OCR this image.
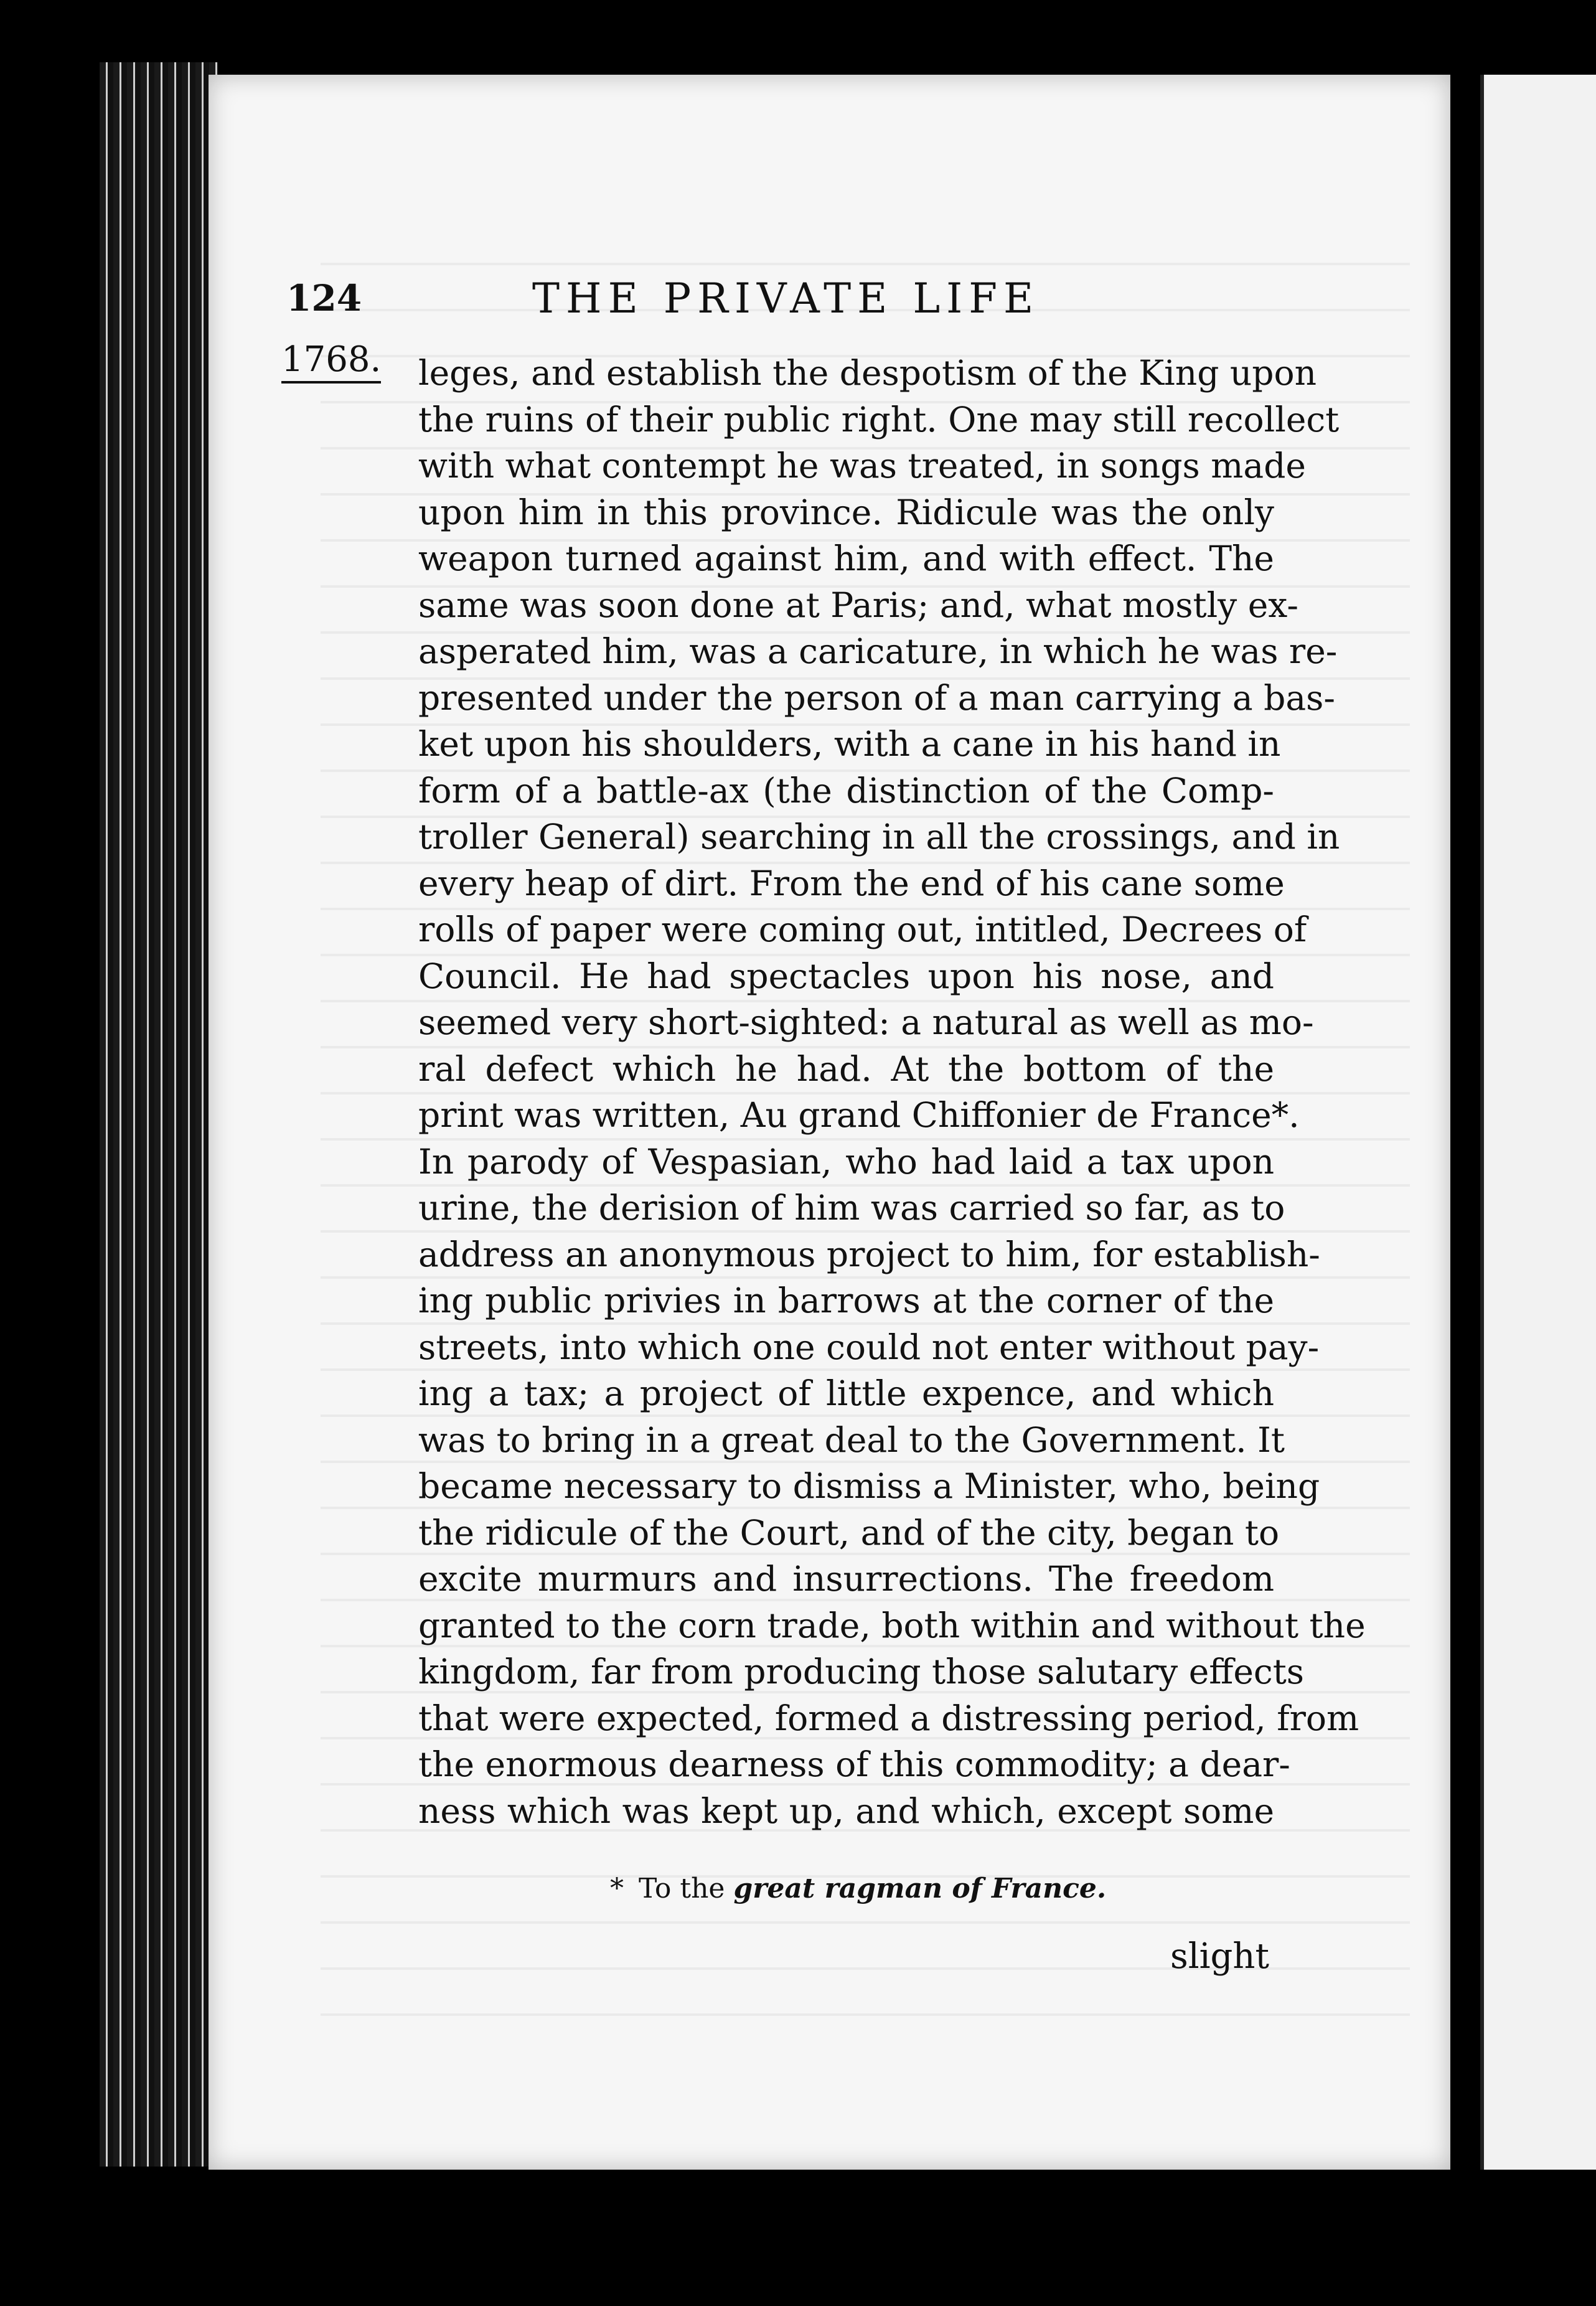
124	THE PRIVATE LIFE
1768. leges, and establish the despotism of the King upon
the ruins of their public right. One may still recollect
with what contempt he was treated, in songs made
upon him in this province. Ridicule was the only
weapon turned against him, and with effect. The
same was soon done at Paris; and, what mostly ex-
asperated him, was a caricature, in which he was re-
presented under the person of a man carrying a bas-
ket upon his shoulders, with a cane in his hand in
form of a battle-ax (the distinction of the Comp-
troller General) searching in all the crossings, and in
every heap of dirt. From the end of his cane some
rolls of paper were coming out, intitled, Decrees of
Council. He had spectacles upon his nose, and
seemed very short-sighted: a natural as well as mo-
ral defect which he had. At the bottom of the
print was written, Au grand Chiffonier de France*.
In parody of Vespasian, who had laid a tax upon
urine, the derision of him was carried so far, as to
address an anonymous project to him, for establish-
ing public privies in barrows at the corner of the
streets, into which one could not enter without pay-
ing a tax; a project of little expence, and which
was to bring in a great deal to the Government. It
became necessary to dismiss a Minister, who, being
the ridicule of the Court, and of the city, began to
excite murmurs and insurrections. The freedom
granted to the corn trade, both within and without the
kingdom, far from producing those salutary effects
that were expected, formed a distressing period, from
the enormous dearness of this commodity; a dear-
ness which was kept up, and which, except some
* To the great ragman of France.
slight
